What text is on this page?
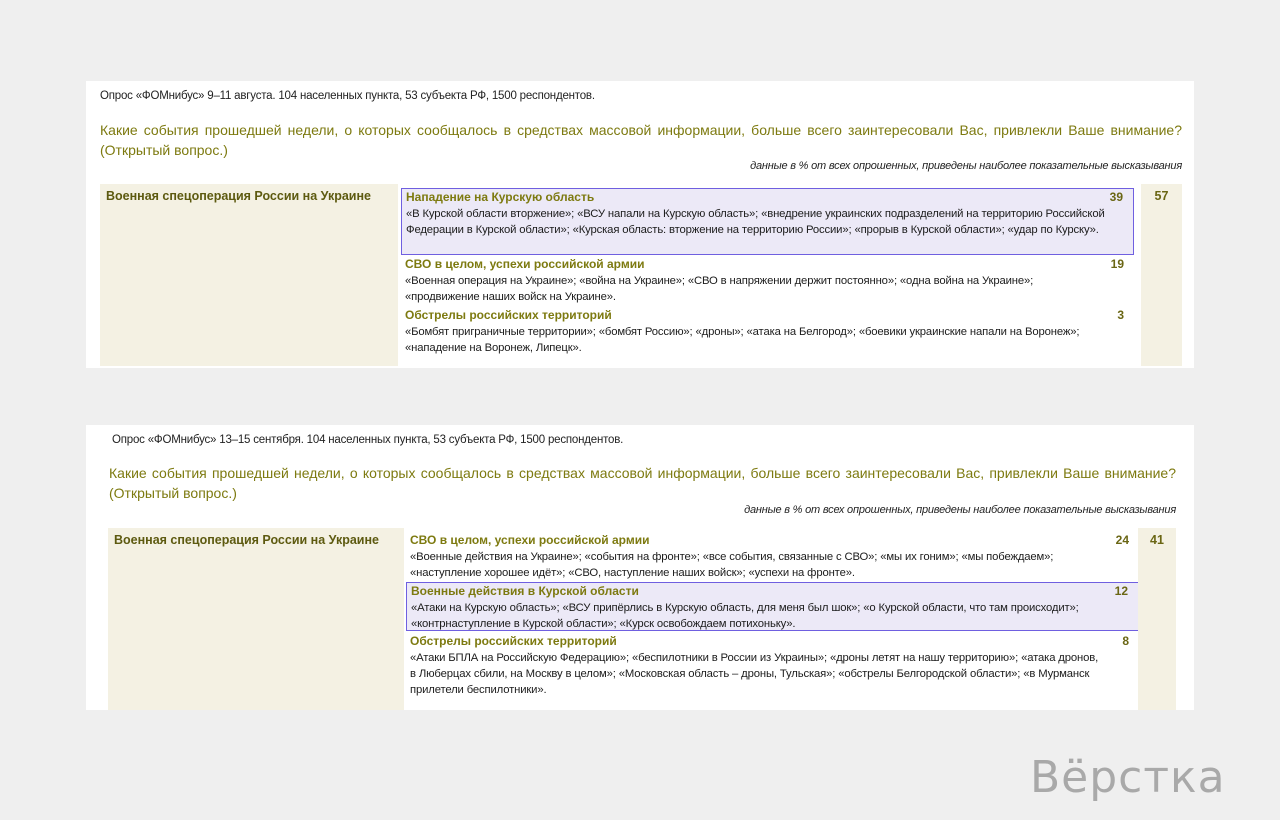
Опрос «ФОМнибус» 9–11 августа. 104 населенных пункта, 53 субъекта РФ, 1500 респондентов.
Какие события прошедшей недели, о которых сообщалось в средствах массовой информации, больше всего заинтересовали Вас, привлекли Ваше внимание? (Открытый вопрос.)
данные в % от всех опрошенных, приведены наиболее показательные высказывания
Военная спецоперация России на Украине	Нападение на Курскую область	39
«В Курской области вторжение»; «ВСУ напали на Курскую область»; «внедрение украинских подразделений на территорию Российской Федерации в Курской области»; «Курская область: вторжение на территорию России»; «прорыв в Курской области»; «удар по Курску».
СВО в целом, успехи российской армии	19
«Военная операция на Украине»; «война на Украине»; «СВО в напряжении держит постоянно»; «одна война на Украине»; «продвижение наших войск на Украине».
Обстрелы российских территорий	3
«Бомбят приграничные территории»; «бомбят Россию»; «дроны»; «атака на Белгород»; «боевики украинские напали на Воронеж»; «нападение на Воронеж, Липецк».
57
Опрос «ФОМнибус» 13–15 сентября. 104 населенных пункта, 53 субъекта РФ, 1500 респондентов.
Какие события прошедшей недели, о которых сообщалось в средствах массовой информации, больше всего заинтересовали Вас, привлекли Ваше внимание? (Открытый вопрос.)
данные в % от всех опрошенных, приведены наиболее показательные высказывания
Военная спецоперация России на Украине	СВО в целом, успехи российской армии	24
«Военные действия на Украине»; «события на фронте»; «все события, связанные с СВО»; «мы их гоним»; «мы побеждаем»; «наступление хорошее идёт»; «СВО, наступление наших войск»; «успехи на фронте».
Военные действия в Курской области	12
«Атаки на Курскую область»; «ВСУ припёрлись в Курскую область, для меня был шок»; «о Курской области, что там происходит»; «контрнаступление в Курской области»; «Курск освобождаем потихоньку».
Обстрелы российских территорий	8
«Атаки БПЛА на Российскую Федерацию»; «беспилотники в России из Украины»; «дроны летят на нашу территорию»; «атака дронов, в Люберцах сбили, на Москву в целом»; «Московская область – дроны, Тульская»; «обстрелы Белгородской области»; «в Мурманск прилетели беспилотники».
41
Вёрстка
